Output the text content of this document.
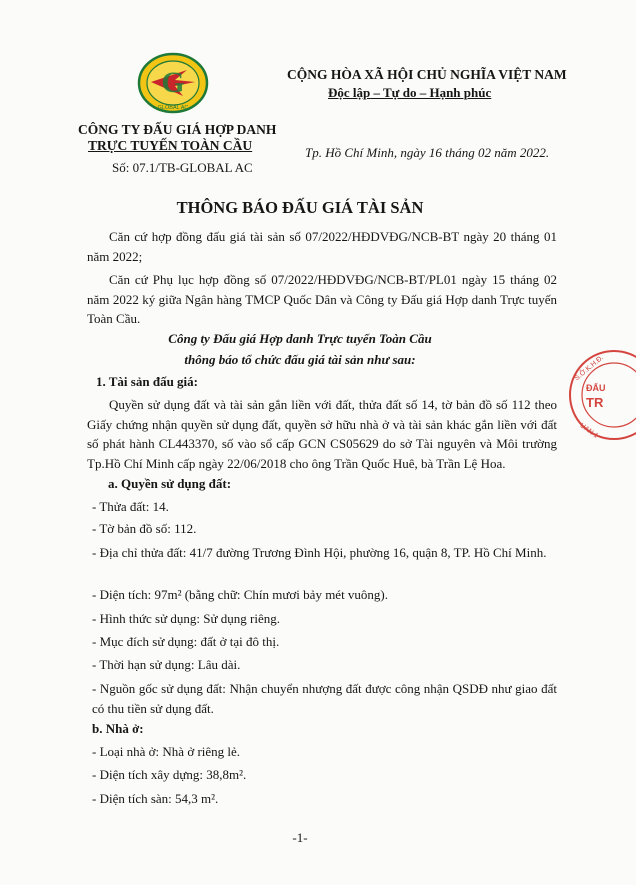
G
GLOBAL AC
CÔNG TY ĐẤU GIÁ HỢP DANH
TRỰC TUYẾN TOÀN CẦU
Số: 07.1/TB-GLOBAL AC
CỘNG HÒA XÃ HỘI CHỦ NGHĨA VIỆT NAM
Độc lập – Tự do – Hạnh phúc
Tp. Hồ Chí Minh, ngày 16 tháng 02 năm 2022.
THÔNG BÁO ĐẤU GIÁ TÀI SẢN
Căn cứ hợp đồng đấu giá tài sản số 07/2022/HĐDVĐG/NCB-BT ngày 20 tháng 01 năm 2022;
Căn cứ Phụ lục hợp đồng số 07/2022/HĐDVĐG/NCB-BT/PL01 ngày 15 tháng 02 năm 2022 ký giữa Ngân hàng TMCP Quốc Dân và Công ty Đấu giá Hợp danh Trực tuyến Toàn Cầu.
Công ty Đấu giá Hợp danh Trực tuyến Toàn Cầu
thông báo tổ chức đấu giá tài sản như sau:
1. Tài sản đấu giá:
Quyền sử dụng đất và tài sản gắn liền với đất, thửa đất số 14, tờ bản đồ số 112 theo Giấy chứng nhận quyền sử dụng đất, quyền sở hữu nhà ở và tài sản khác gắn liền với đất số phát hành CL443370, số vào sổ cấp GCN CS05629 do sở Tài nguyên và Môi trường Tp.Hồ Chí Minh cấp ngày 22/06/2018 cho ông Trần Quốc Huê, bà Trần Lệ Hoa.
a. Quyền sử dụng đất:
- Thửa đất: 14.
- Tờ bản đồ số: 112.
- Địa chỉ thửa đất: 41/7 đường Trương Đình Hội, phường 16, quận 8, TP. Hồ Chí Minh.
- Diện tích: 97m² (bằng chữ: Chín mươi bảy mét vuông).
- Hình thức sử dụng: Sử dụng riêng.
- Mục đích sử dụng: đất ở tại đô thị.
- Thời hạn sử dụng: Lâu dài.
- Nguồn gốc sử dụng đất: Nhận chuyển nhượng đất được công nhận QSDĐ như giao đất có thu tiền sử dụng đất.
b. Nhà ở:
- Loại nhà ở: Nhà ở riêng lẻ.
- Diện tích xây dựng: 38,8m².
- Diện tích sàn: 54,3 m².
-1-
S.Ở.K.H.Đ.
ĐẤU
TR
UAN 1
